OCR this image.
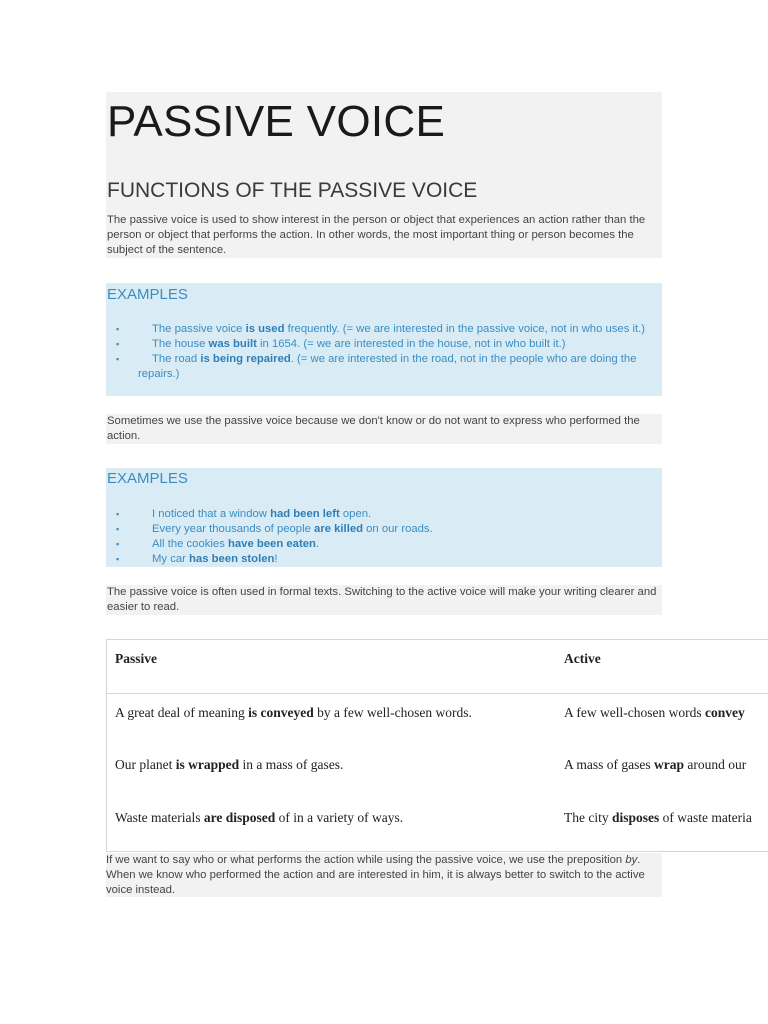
PASSIVE VOICE
FUNCTIONS OF THE PASSIVE VOICE
The passive voice is used to show interest in the person or object that experiences an action rather than the person or object that performs the action. In other words, the most important thing or person becomes the subject of the sentence.
EXAMPLES
▪	The passive voice is used frequently. (= we are interested in the passive voice, not in who uses it.)
▪	The house was built in 1654. (= we are interested in the house, not in who built it.)
▪	The road is being repaired. (= we are interested in the road, not in the people who are doing the repairs.)
Sometimes we use the passive voice because we don't know or do not want to express who performed the action.
EXAMPLES
▪	I noticed that a window had been left open.
▪	Every year thousands of people are killed on our roads.
▪	All the cookies have been eaten.
▪	My car has been stolen!
The passive voice is often used in formal texts. Switching to the active voice will make your writing clearer and easier to read.
Passive	Active
A great deal of meaning is conveyed by a few well-chosen words.	A few well-chosen words convey
Our planet is wrapped in a mass of gases.	A mass of gases wrap around our
Waste materials are disposed of in a variety of ways.	The city disposes of waste materia

If we want to say who or what performs the action while using the passive voice, we use the preposition by. When we know who performed the action and are interested in him, it is always better to switch to the active voice instead.
